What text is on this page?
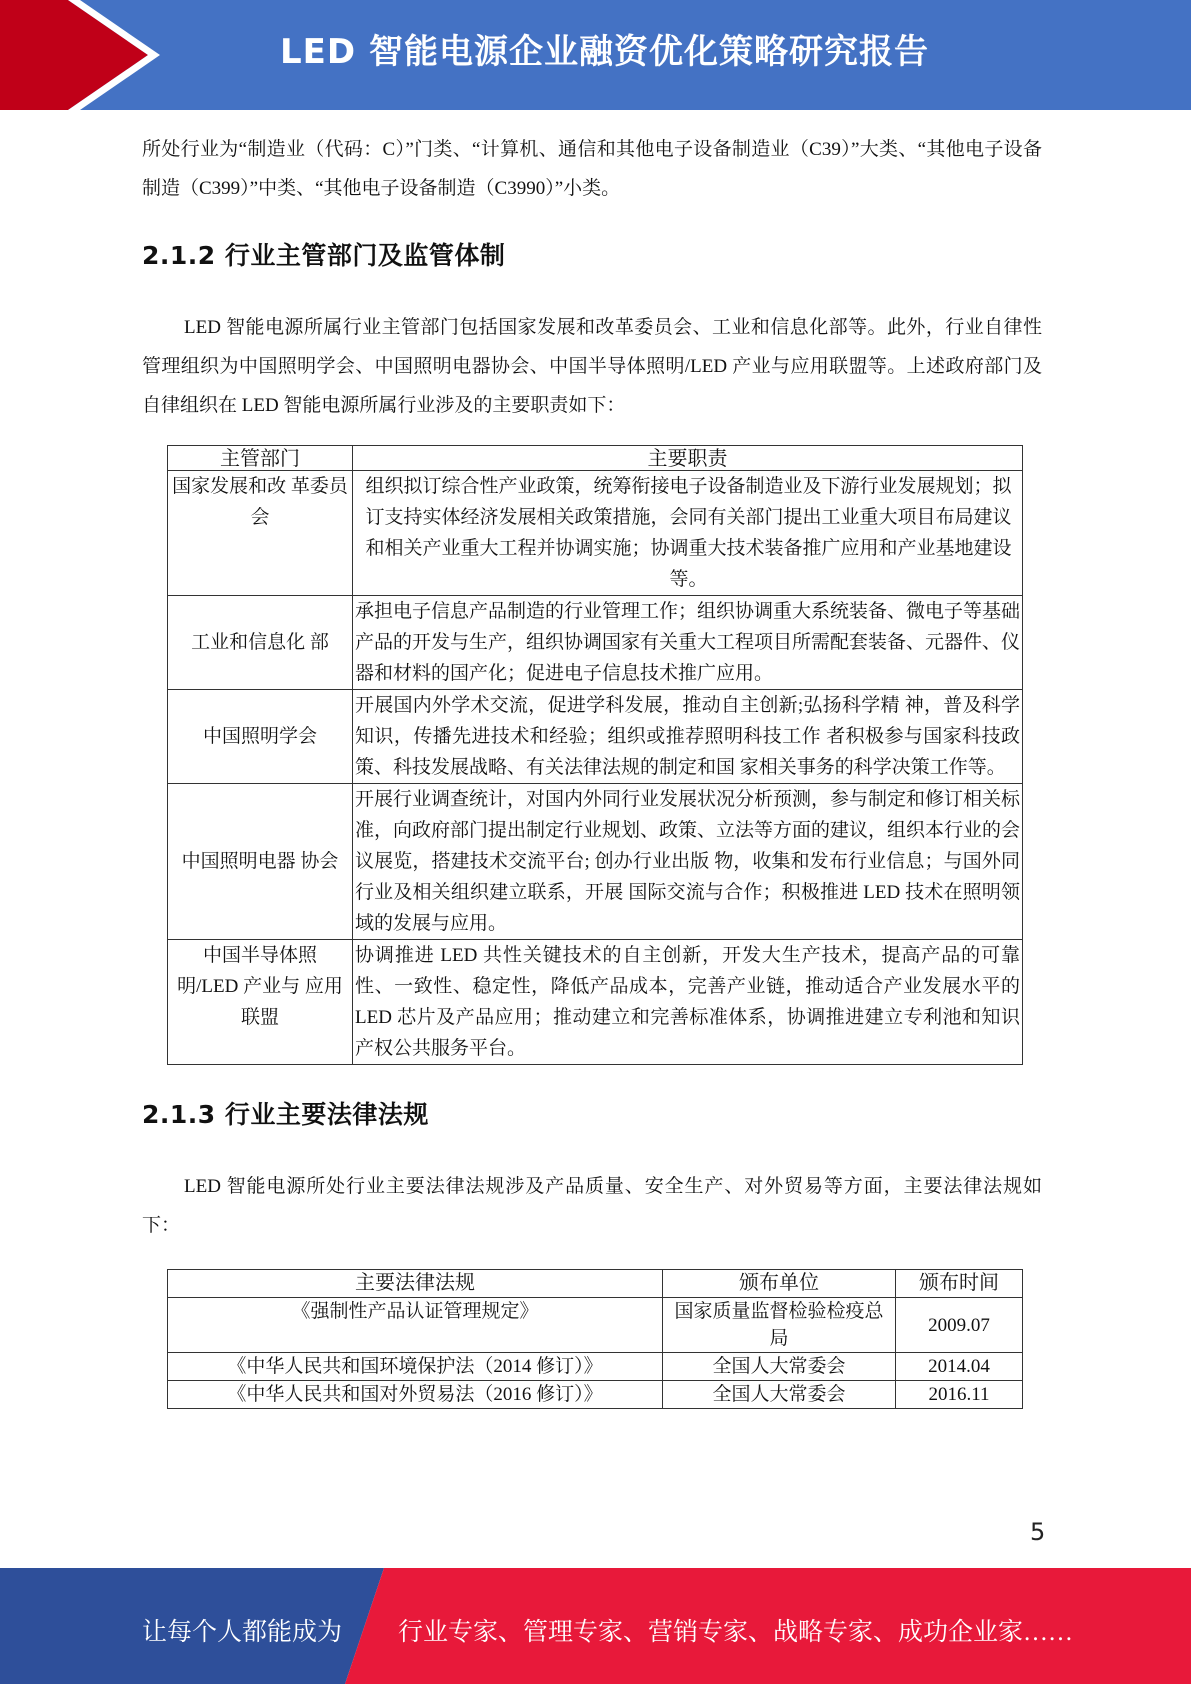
LED 智能电源企业融资优化策略研究报告

所处行业为“制造业（代码：C）”门类、“计算机、通信和其他电子设备制造业（C39）”大类、“其他电子设备制造（C399）”中类、“其他电子设备制造（C3990）”小类。

2.1.2 行业主管部门及监管体制

LED 智能电源所属行业主管部门包括国家发展和改革委员会、工业和信息化部等。此外，行业自律性管理组织为中国照明学会、中国照明电器协会、中国半导体照明/LED 产业与应用联盟等。上述政府部门及自律组织在 LED 智能电源所属行业涉及的主要职责如下：

主管部门	主要职责
国家发展和改 革委员会	组织拟订综合性产业政策，统筹衔接电子设备制造业及下游行业发展规划；拟订支持实体经济发展相关政策措施，会同有关部门提出工业重大项目布局建议和相关产业重大工程并协调实施；协调重大技术装备推广应用和产业基地建设等。
工业和信息化 部	承担电子信息产品制造的行业管理工作；组织协调重大系统装备、微电子等基础产品的开发与生产，组织协调国家有关重大工程项目所需配套装备、元器件、仪器和材料的国产化；促进电子信息技术推广应用。
中国照明学会	开展国内外学术交流，促进学科发展，推动自主创新;弘扬科学精 神，普及科学知识，传播先进技术和经验；组织或推荐照明科技工作 者积极参与国家科技政策、科技发展战略、有关法律法规的制定和国 家相关事务的科学决策工作等。
中国照明电器 协会	开展行业调查统计，对国内外同行业发展状况分析预测，参与制定和修订相关标准，向政府部门提出制定行业规划、政策、立法等方面的建议，组织本行业的会议展览，搭建技术交流平台; 创办行业出版 物，收集和发布行业信息；与国外同行业及相关组织建立联系，开展 国际交流与合作；积极推进 LED 技术在照明领域的发展与应用。
中国半导体照 明/LED 产业与 应用联盟	协调推进 LED 共性关键技术的自主创新，开发大生产技术，提高产品的可靠性、一致性、稳定性，降低产品成本，完善产业链，推动适合产业发展水平的 LED 芯片及产品应用；推动建立和完善标准体系，协调推进建立专利池和知识产权公共服务平台。
2.1.3 行业主要法律法规

LED 智能电源所处行业主要法律法规涉及产品质量、安全生产、对外贸易等方面，主要法律法规如下：

主要法律法规	颁布单位	颁布时间
《强制性产品认证管理规定》	国家质量监督检验检疫总局	2009.07
《中华人民共和国环境保护法（2014 修订）》	全国人大常委会	2014.04
《中华人民共和国对外贸易法（2016 修订）》	全国人大常委会	2016.11
5
让每个人都能成为 行业专家、管理专家、营销专家、战略专家、成功企业家……
